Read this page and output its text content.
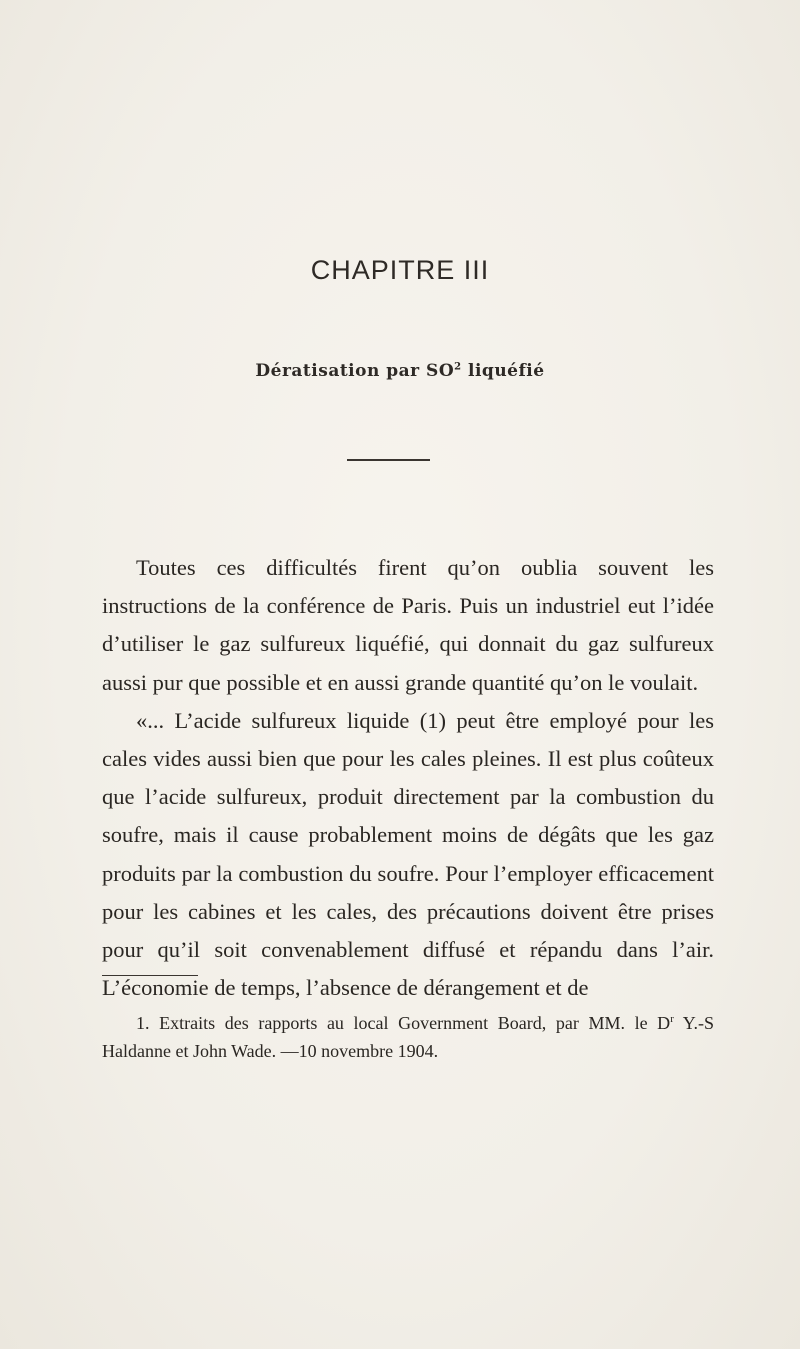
CHAPITRE III
Dératisation par $SO^2$ liquéfié

Toutes ces difficultés firent qu’on oublia souvent les instructions de la conférence de Paris. Puis un industriel eut l’idée d’utiliser le gaz sulfureux liquéfié, qui donnait du gaz sulfureux aussi pur que possible et en aussi grande quantité qu’on le voulait.

«... L’acide sulfureux liquide (1) peut être employé pour les cales vides aussi bien que pour les cales pleines. Il est plus coûteux que l’acide sulfureux, produit directement par la combustion du soufre, mais il cause probablement moins de dégâts que les gaz produits par la combustion du soufre. Pour l’employer efficacement pour les cabines et les cales, des précautions doivent être prises pour qu’il soit convenablement diffusé et répandu dans l’air. L’économie de temps, l’absence de dérangement et de

1. Extraits des rapports au local Government Board, par MM. le $D^r$ Y.-S Haldanne et John Wade. —10 novembre 1904.
